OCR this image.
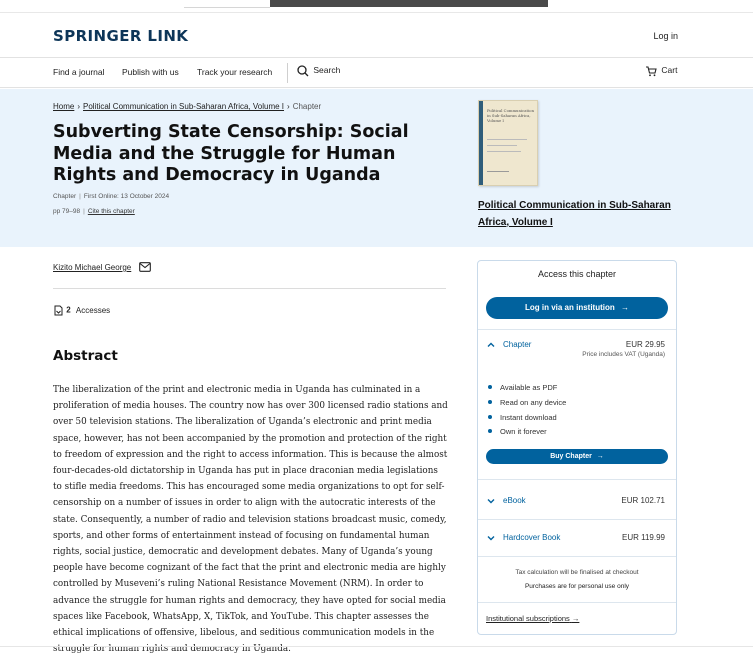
SPRINGER LINK	Log in
Find a journal Publish with us Track your research	Search	Cart
Home › Political Communication in Sub-Saharan Africa, Volume I › Chapter
Subverting State Censorship: Social Media and the Struggle for Human Rights and Democracy in Uganda
Chapter | First Online: 13 October 2024
pp 79–98 | Cite this chapter
Political Communication in Sub-Saharan Africa, Volume I
Political Communication in Sub-Saharan Africa, Volume I
Kizito Michael George
2 Accesses
Abstract

The liberalization of the print and electronic media in Uganda has culminated in a proliferation of media houses. The country now has over 300 licensed radio stations and over 50 television stations. The liberalization of Uganda’s electronic and print media space, however, has not been accompanied by the promotion and protection of the right to freedom of expression and the right to access information. This is because the almost four-decades-old dictatorship in Uganda has put in place draconian media legislations to stifle media freedoms. This has encouraged some media organizations to opt for self-censorship on a number of issues in order to align with the autocratic interests of the state. Consequently, a number of radio and television stations broadcast music, comedy, sports, and other forms of entertainment instead of focusing on fundamental human rights, social justice, democratic and development debates. Many of Uganda’s young people have become cognizant of the fact that the print and electronic media are highly controlled by Museveni’s ruling National Resistance Movement (NRM). In order to advance the struggle for human rights and democracy, they have opted for social media spaces like Facebook, WhatsApp, X, TikTok, and YouTube. This chapter assesses the ethical implications of offensive, libelous, and seditious communication models in the struggle for human rights and democracy in Uganda.

Access this chapter
Log in via an institution →
Chapter	EUR 29.95
Price includes VAT (Uganda)
Available as PDF
Read on any device
Instant download
Own it forever
Buy Chapter →
eBook	EUR 102.71
Hardcover Book	EUR 119.99
Tax calculation will be finalised at checkout
Purchases are for personal use only
Institutional subscriptions →
